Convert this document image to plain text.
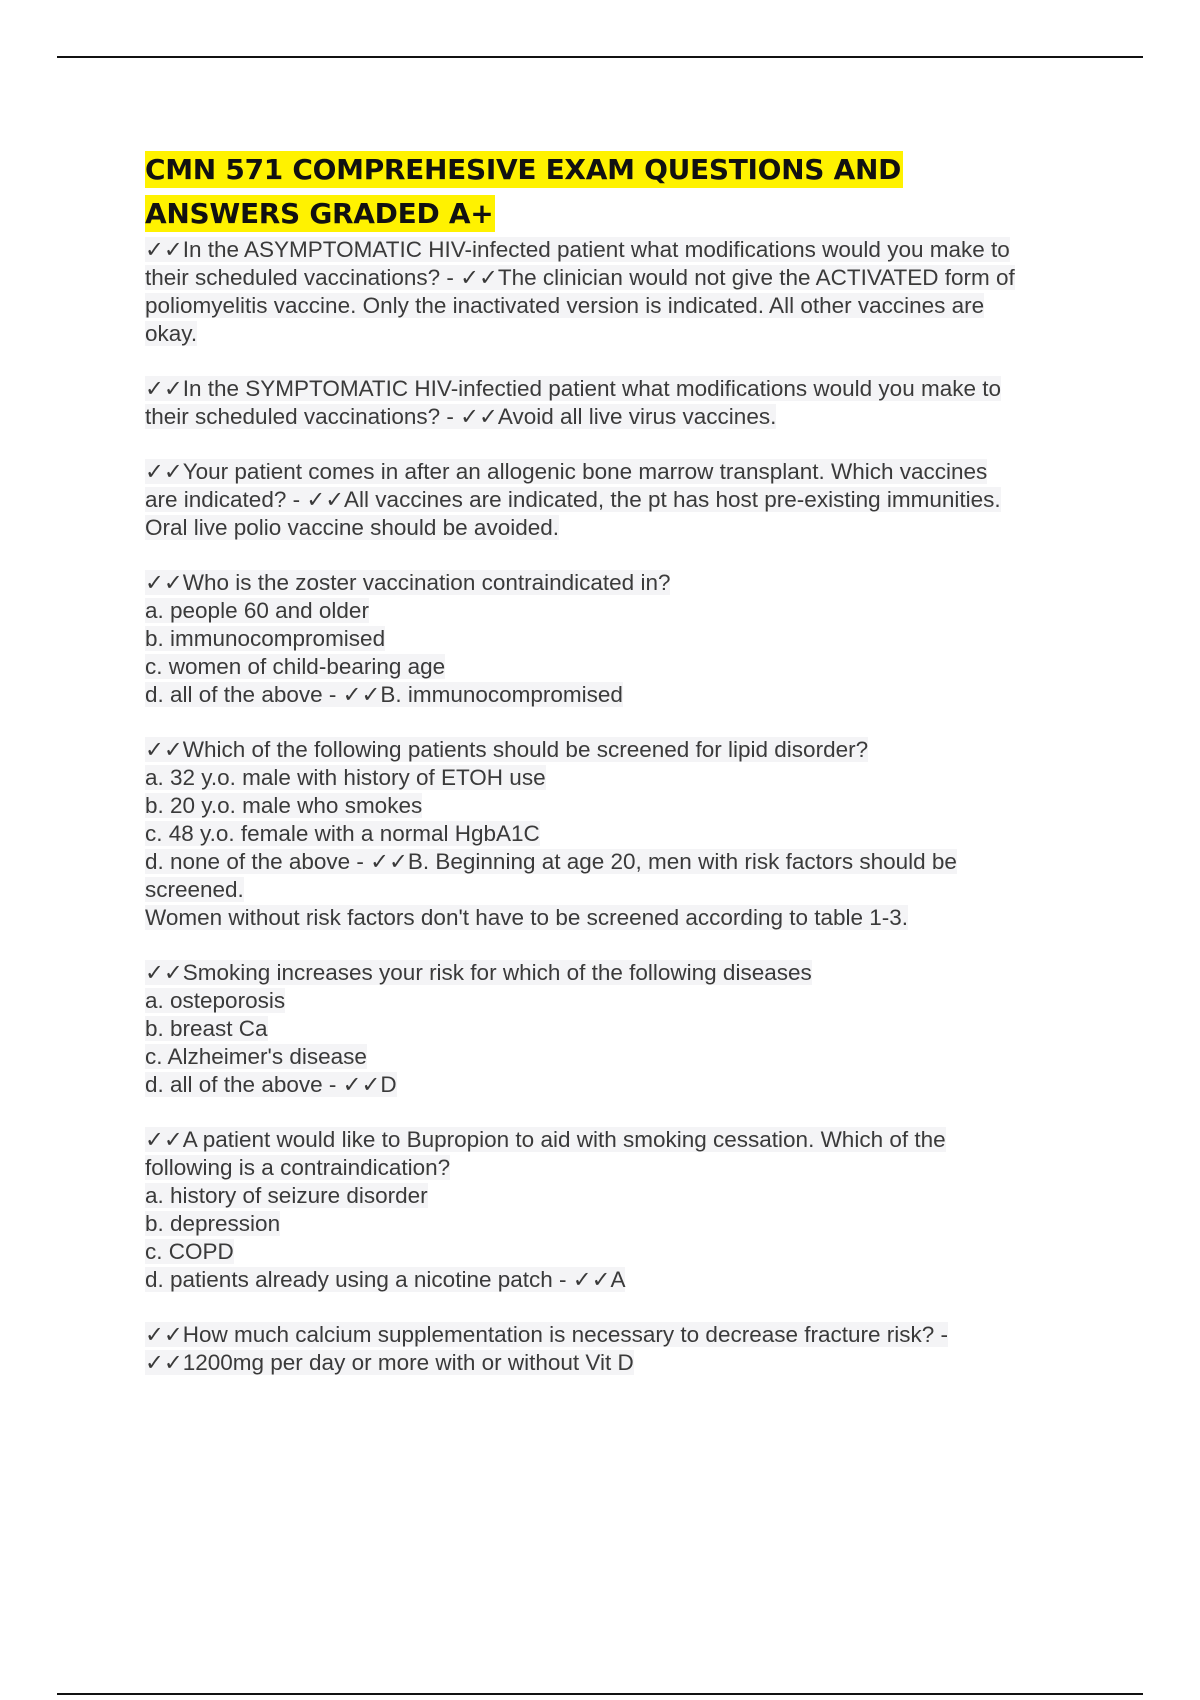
CMN 571 COMPREHESIVE EXAM QUESTIONS AND
ANSWERS GRADED A+
✓✓In the ASYMPTOMATIC HIV-infected patient what modifications would you make to
their scheduled vaccinations? - ✓✓The clinician would not give the ACTIVATED form of
poliomyelitis vaccine. Only the inactivated version is indicated. All other vaccines are
okay.
✓✓In the SYMPTOMATIC HIV-infectied patient what modifications would you make to
their scheduled vaccinations? - ✓✓Avoid all live virus vaccines.
✓✓Your patient comes in after an allogenic bone marrow transplant. Which vaccines
are indicated? - ✓✓All vaccines are indicated, the pt has host pre-existing immunities.
Oral live polio vaccine should be avoided.
✓✓Who is the zoster vaccination contraindicated in?
a. people 60 and older
b. immunocompromised
c. women of child-bearing age
d. all of the above - ✓✓B. immunocompromised
✓✓Which of the following patients should be screened for lipid disorder?
a. 32 y.o. male with history of ETOH use
b. 20 y.o. male who smokes
c. 48 y.o. female with a normal HgbA1C
d. none of the above - ✓✓B. Beginning at age 20, men with risk factors should be
screened.
Women without risk factors don't have to be screened according to table 1-3.
✓✓Smoking increases your risk for which of the following diseases
a. osteporosis
b. breast Ca
c. Alzheimer's disease
d. all of the above - ✓✓D
✓✓A patient would like to Bupropion to aid with smoking cessation. Which of the
following is a contraindication?
a. history of seizure disorder
b. depression
c. COPD
d. patients already using a nicotine patch - ✓✓A
✓✓How much calcium supplementation is necessary to decrease fracture risk? -
✓✓1200mg per day or more with or without Vit D
